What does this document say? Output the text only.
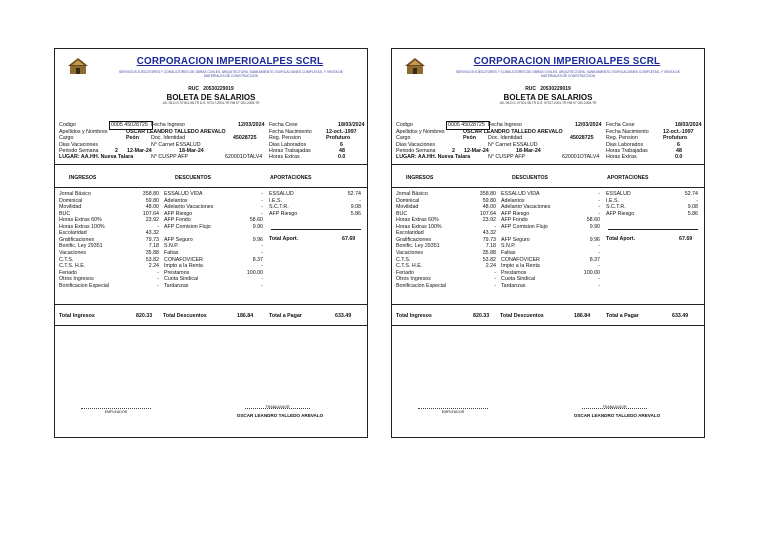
CORPORACION IMPERIOALPES SCRL
SERVICIOS EJECUTORES Y CONSULTORES DE OBRAS CIVILES, ARQUITECTURA, SANEAMIENTO, EDIFICACIONES COMPLETAS, Y VENTA DE MATERIALES DE CONSTRUCCION
RUC 20530229019
BOLETA DE SALARIOS
AS. 05-D.S. N°001-98-TR D.S. N°017-2001-TR RM N° 020-2008-TR
Codigo	0005 45028725
Apellidos y Nombres	OSCAR LEANDRO TALLEDO AREVALO
Cargo	Peón
Dias Vacaciones
Periodo Semana	2 12-Mar-24	18-Mar-24
LUGAR: AA.HH. Nueva Talara
Fecha Ingreso	12/03/2024
Doc. Identidad	45028725
N° Carnet ESSALUD
N° CUSPP AFP	620001OTALV4
Fecha Cese	18/03/2024
Fecha Nacimiento	12-oct.-1997
Reg. Pension	Profuturo
Dias Laborados	6
Horas Trabajadas	48
Horas Extras	0.0
INGRESOS	DESCUENTOS	APORTACIONES
Jornal Básico	358.80
Dominical	59.80
Movilidad	48.00
BUC	107.64
Horas Extras 60%	23.92
Horas Extras 100%	-
Escolaridad	43.32
Gratificaciones	79.73
Bonific. Ley 29351	7.18
Vacaciones	35.88
C.T.S.	53.82
C.T.S. H.E.	2.24
Feriado	-
Otros Ingresos	-
Bonificacion Especial	-
ESSALUD VIDA	-
Adelantos	-
Adelanto Vacaciones	-
AFP Riesgo	-
AFP Fondo	58.60
AFP Comision Flujo	9.90
AFP Seguro	9.96
S.N.P.	-
Faltas	-
CONAFOVICER	8.37
Impto a la Renta	-
Prestamos	100.00
Cuota Sindical	-
Tardanzas	-
ESSALUD	52.74
I.E.S.	-
S.C.T.R.	9.08
AFP Riesgo	5.86
Total Aport.	67.69
Total Ingresos	820.33 Total Descuentos	186.84	Total a Pagar	633.49
EMPLEADOR
TRABAJADOR
OSCAR LEANDRO TALLEDO AREVALO
CORPORACION IMPERIOALPES SCRL
SERVICIOS EJECUTORES Y CONSULTORES DE OBRAS CIVILES, ARQUITECTURA, SANEAMIENTO, EDIFICACIONES COMPLETAS, Y VENTA DE MATERIALES DE CONSTRUCCION
RUC 20530229019
BOLETA DE SALARIOS
AS. 05-D.S. N°001-98-TR D.S. N°017-2001-TR RM N° 020-2008-TR
Codigo	0005 45028725
Apellidos y Nombres	OSCAR LEANDRO TALLEDO AREVALO
Cargo	Peón
Dias Vacaciones
Periodo Semana	2 12-Mar-24	18-Mar-24
LUGAR: AA.HH. Nueva Talara
Fecha Ingreso	12/03/2024
Doc. Identidad	45028725
N° Carnet ESSALUD
N° CUSPP AFP	620001OTALV4
Fecha Cese	18/03/2024
Fecha Nacimiento	12-oct.-1997
Reg. Pension	Profuturo
Dias Laborados	6
Horas Trabajadas	48
Horas Extras	0.0
INGRESOS	DESCUENTOS	APORTACIONES
Jornal Básico	358.80
Dominical	59.80
Movilidad	48.00
BUC	107.64
Horas Extras 60%	23.92
Horas Extras 100%	-
Escolaridad	43.32
Gratificaciones	79.73
Bonific. Ley 29351	7.18
Vacaciones	35.88
C.T.S.	53.82
C.T.S. H.E.	2.24
Feriado	-
Otros Ingresos	-
Bonificacion Especial	-
ESSALUD VIDA	-
Adelantos	-
Adelanto Vacaciones	-
AFP Riesgo	-
AFP Fondo	58.60
AFP Comision Flujo	9.90
AFP Seguro	9.96
S.N.P.	-
Faltas	-
CONAFOVICER	8.37
Impto a la Renta	-
Prestamos	100.00
Cuota Sindical	-
Tardanzas	-
ESSALUD	52.74
I.E.S.	-
S.C.T.R.	9.08
AFP Riesgo	5.86
Total Aport.	67.69
Total Ingresos	820.33 Total Descuentos	186.84	Total a Pagar	633.49
EMPLEADOR
TRABAJADOR
OSCAR LEANDRO TALLEDO AREVALO
